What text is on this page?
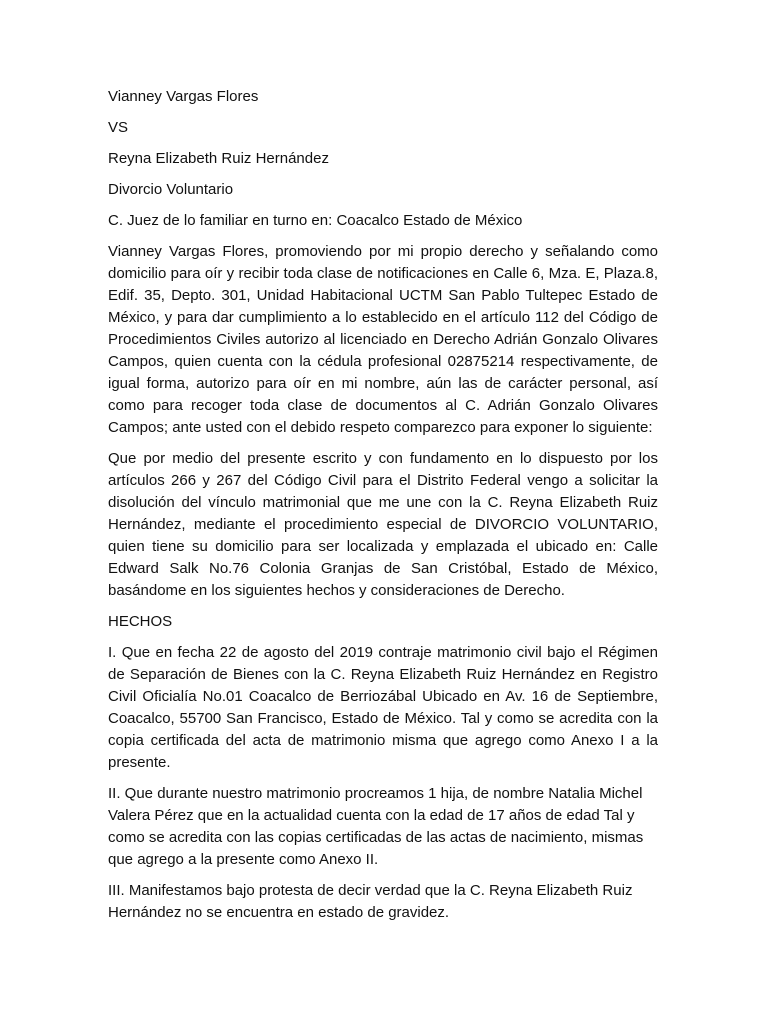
Vianney Vargas Flores

VS

Reyna Elizabeth Ruiz Hernández

Divorcio Voluntario

C. Juez de lo familiar en turno en: Coacalco Estado de México

Vianney Vargas Flores, promoviendo por mi propio derecho y señalando como domicilio para oír y recibir toda clase de notificaciones en Calle 6, Mza. E, Plaza.8, Edif. 35, Depto. 301, Unidad Habitacional UCTM San Pablo Tultepec Estado de México, y para dar cumplimiento a lo establecido en el artículo 112 del Código de Procedimientos Civiles autorizo al licenciado en Derecho Adrián Gonzalo Olivares Campos, quien cuenta con la cédula profesional 02875214 respectivamente, de igual forma, autorizo para oír en mi nombre, aún las de carácter personal, así como para recoger toda clase de documentos al C. Adrián Gonzalo Olivares Campos; ante usted con el debido respeto comparezco para exponer lo siguiente:

Que por medio del presente escrito y con fundamento en lo dispuesto por los artículos 266 y 267 del Código Civil para el Distrito Federal vengo a solicitar la disolución del vínculo matrimonial que me une con la C. Reyna Elizabeth Ruiz Hernández, mediante el procedimiento especial de DIVORCIO VOLUNTARIO, quien tiene su domicilio para ser localizada y emplazada el ubicado en: Calle Edward Salk No.76 Colonia Granjas de San Cristóbal, Estado de México, basándome en los siguientes hechos y consideraciones de Derecho.

HECHOS

I. Que en fecha 22 de agosto del 2019 contraje matrimonio civil bajo el Régimen de Separación de Bienes con la C. Reyna Elizabeth Ruiz Hernández en Registro Civil Oficialía No.01 Coacalco de Berriozábal Ubicado en Av. 16 de Septiembre, Coacalco, 55700 San Francisco, Estado de México. Tal y como se acredita con la copia certificada del acta de matrimonio misma que agrego como Anexo I a la presente.

II. Que durante nuestro matrimonio procreamos 1 hija, de nombre Natalia Michel Valera Pérez que en la actualidad cuenta con la edad de 17 años de edad Tal y como se acredita con las copias certificadas de las actas de nacimiento, mismas que agrego a la presente como Anexo II.

III. Manifestamos bajo protesta de decir verdad que la C. Reyna Elizabeth Ruiz Hernández no se encuentra en estado de gravidez.
